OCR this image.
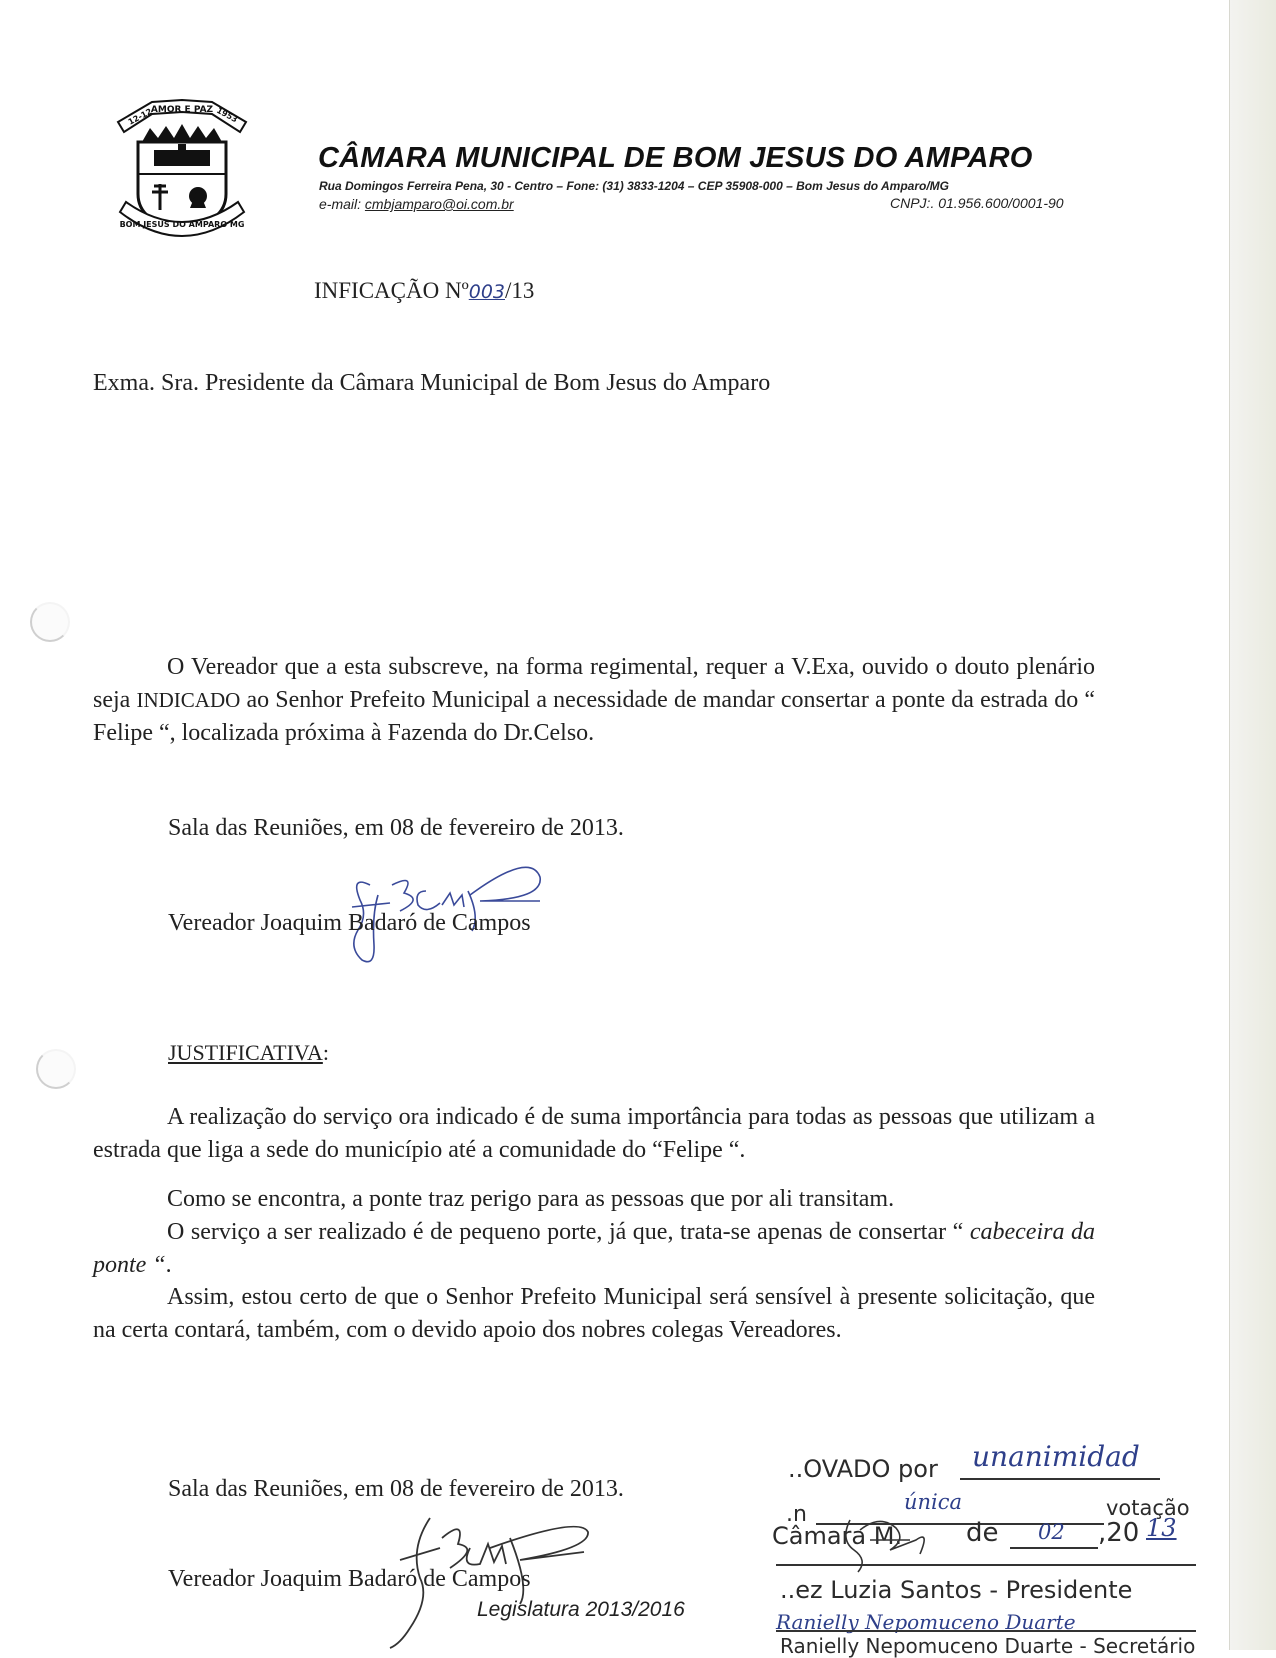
AMOR E PAZ
12-12	1953
BOM JESUS DO AMPARO MG
CÂMARA MUNICIPAL DE BOM JESUS DO AMPARO
Rua Domingos Ferreira Pena, 30 - Centro – Fone: (31) 3833-1204 – CEP 35908-000 – Bom Jesus do Amparo/MG
e-mail: cmbjamparo@oi.com.br	CNPJ:. 01.956.600/0001-90
INFICAÇÃO Nº003/13
Exma. Sra. Presidente da Câmara Municipal de Bom Jesus do Amparo
O Vereador que a esta subscreve, na forma regimental, requer a V.Exa, ouvido o douto plenário seja INDICADO ao Senhor Prefeito Municipal a necessidade de mandar consertar a ponte da estrada do “ Felipe “, localizada próxima à Fazenda do Dr.Celso.
Sala das Reuniões, em 08 de fevereiro de 2013.
Vereador Joaquim Badaró de Campos
JUSTIFICATIVA:
A realização do serviço ora indicado é de suma importância para todas as pessoas que utilizam a estrada que liga a sede do município até a comunidade do “Felipe “.
Como se encontra, a ponte traz perigo para as pessoas que por ali transitam.
O serviço a ser realizado é de pequeno porte, já que, trata-se apenas de consertar “ cabeceira da ponte “.
Assim, estou certo de que o Senhor Prefeito Municipal será sensível à presente solicitação, que na certa contará, também, com o devido apoio dos nobres colegas Vereadores.
Sala das Reuniões, em 08 de fevereiro de 2013.
Vereador Joaquim Badaró de Campos
Legislatura 2013/2016
..OVADO por unanimidad
.n	única	votação
Câmara M. de 02 ,20 13
..ez Luzia Santos - Presidente
Ranielly Nepomuceno Duarte
Ranielly Nepomuceno Duarte - Secretário
